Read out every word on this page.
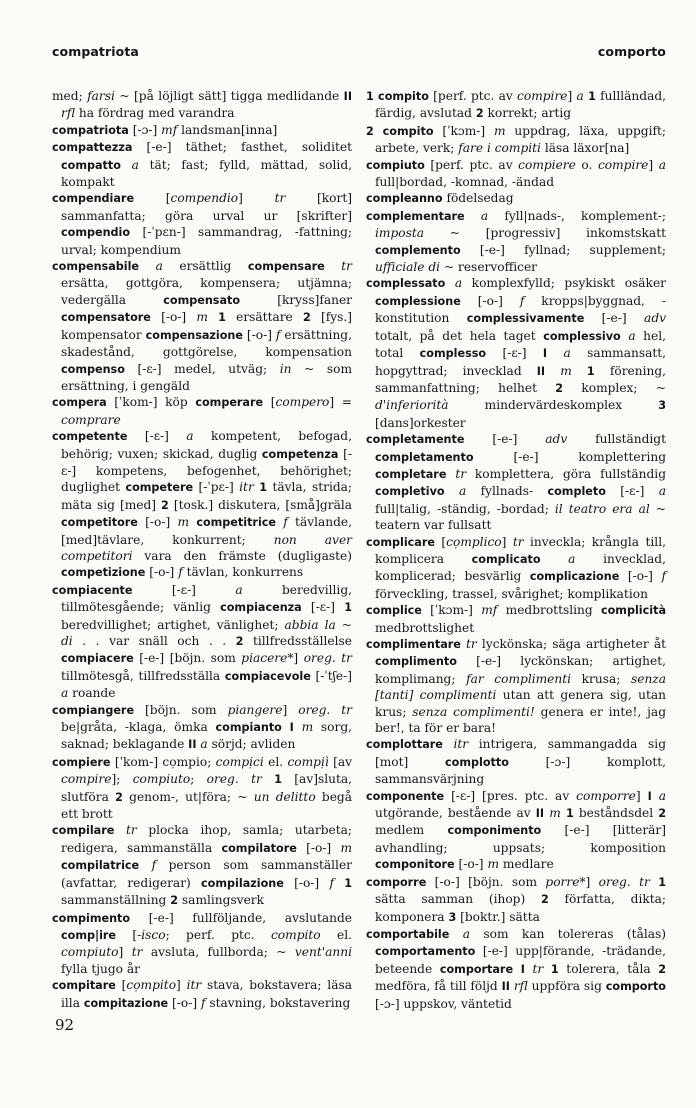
compatriota	comporto

med; farsi ~ [på löjligt sätt] tigga medlidande II rfl ha fördrag med varandra

compatriota [-ɔ-] mf landsman[inna]

compattezza [-e-] täthet; fasthet, soliditet compatto a tät; fast; fylld, mättad, solid, kompakt

compendiare [compendio] tr [kort] sammanfatta; göra urval ur [skrifter] compendio [-ˈpɛn-] sammandrag, -fattning; urval; kompendium

compensabile a ersättlig compensare tr ersätta, gottgöra, kompensera; utjämna; vedergälla compensato [kryss]faner compensatore [-o-] m 1 ersättare 2 [fys.] kompensator compensazione [-o-] f ersättning, skadestånd, gottgörelse, kompensation compenso [-ɛ-] medel, utväg; in ~ som ersättning, i gengäld

compera [ˈkom-] köp comperare [compero] = comprare

competente [-ɛ-] a kompetent, befogad, behörig; vuxen; skickad, duglig competenza [-ɛ-] kompetens, befogenhet, behörighet; duglighet competere [-ˈpɛ-] itr 1 tävla, strida; mäta sig [med] 2 [tosk.] diskutera, [små]gräla competitore [-o-] m competitrice f tävlande, [med]tävlare, konkurrent; non aver competitori vara den främste (dugligaste) competizione [-o-] f tävlan, konkurrens

compiacente [-ɛ-] a beredvillig, tillmötesgående; vänlig compiacenza [-ɛ-] 1 beredvillighet; artighet, vänlighet; abbia la ~ di . . var snäll och . . 2 tillfredsställelse compiacere [-e-] [böjn. som piacere*] oreg. tr tillmötesgå, tillfredsställa compiacevole [-ˈtʃe-] a roande

compiangere [böjn. som piangere] oreg. tr be|gråta, -klaga, ömka compianto I m sorg, saknad; beklagande II a sörjd; avliden

compiere [ˈkom-] cọmpio; compịci el. compịì [av compire]; compiuto; oreg. tr 1 [av]sluta, slutföra 2 genom-, ut|föra; ~ un delitto begå ett brott

compilare tr plocka ihop, samla; utarbeta; redigera, sammanställa compilatore [-o-] m compilatrice f person som sammanställer (avfattar, redigerar) compilazione [-o-] f 1 sammanställning 2 samlingsverk

compimento [-e-] fullföljande, avslutande comp|ire [-isco; perf. ptc. compito el. compiuto] tr avsluta, fullborda; ~ vent'anni fylla tjugo år

compitare [cọmpito] itr stava, bokstavera; läsa illa compitazione [-o-] f stavning, bokstavering

1 compito [perf. ptc. av compire] a 1 fullländad, färdig, avslutad 2 korrekt; artig

2 compito [ˈkɔm-] m uppdrag, läxa, uppgift; arbete, verk; fare i compiti läsa läxor[na]

compiuto [perf. ptc. av compiere o. compire] a full|bordad, -komnad, -ändad

compleanno födelsedag

complementare a fyll|nads-, komplement-; imposta ~ [progressiv] inkomstskatt complemento [-e-] fyllnad; supplement; ufficiale di ~ reservofficer

complessato a komplexfylld; psykiskt osäker complessione [-o-] f kropps|byggnad, -konstitution complessivamente [-e-] adv totalt, på det hela taget complessivo a hel, total complesso [-ɛ-] I a sammansatt, hopgyttrad; invecklad II m 1 förening, sammanfattning; helhet 2 komplex; ~ d'inferiorità mindervärdeskomplex 3 [dans]orkester

completamente [-e-] adv fullständigt completamento [-e-] komplettering completare tr komplettera, göra fullständig completivo a fyllnads- completo [-ɛ-] a full|talig, -ständig, -bordad; il teatro era al ~ teatern var fullsatt

complicare [cọmplico] tr inveckla; krångla till, komplicera complicato a invecklad, komplicerad; besvärlig complicazione [-o-] f förveckling, trassel, svårighet; komplikation

complice [ˈkɔm-] mf medbrottsling complicità medbrottslighet

complimentare tr lyckönska; säga artigheter åt complimento [-e-] lyckönskan; artighet, komplimang; far complimenti krusa; senza [tanti] complimenti utan att genera sig, utan krus; senza complimenti! genera er inte!, jag ber!, ta för er bara!

complottare itr intrigera, sammangadda sig [mot] complotto [-ɔ-] komplott, sammansvärjning

componente [-ɛ-] [pres. ptc. av comporre] I a utgörande, bestående av II m 1 beståndsdel 2 medlem componimento [-e-] [litterär] avhandling; uppsats; komposition componitore [-o-] m medlare

comporre [-o-] [böjn. som porre*] oreg. tr 1 sätta samman (ihop) 2 författa, dikta; komponera 3 [boktr.] sätta

comportabile a som kan tolereras (tålas) comportamento [-e-] upp|förande, -trädande, beteende comportare I tr 1 tolerera, tåla 2 medföra, få till följd II rfl uppföra sig comporto [-ɔ-] uppskov, väntetid

92
